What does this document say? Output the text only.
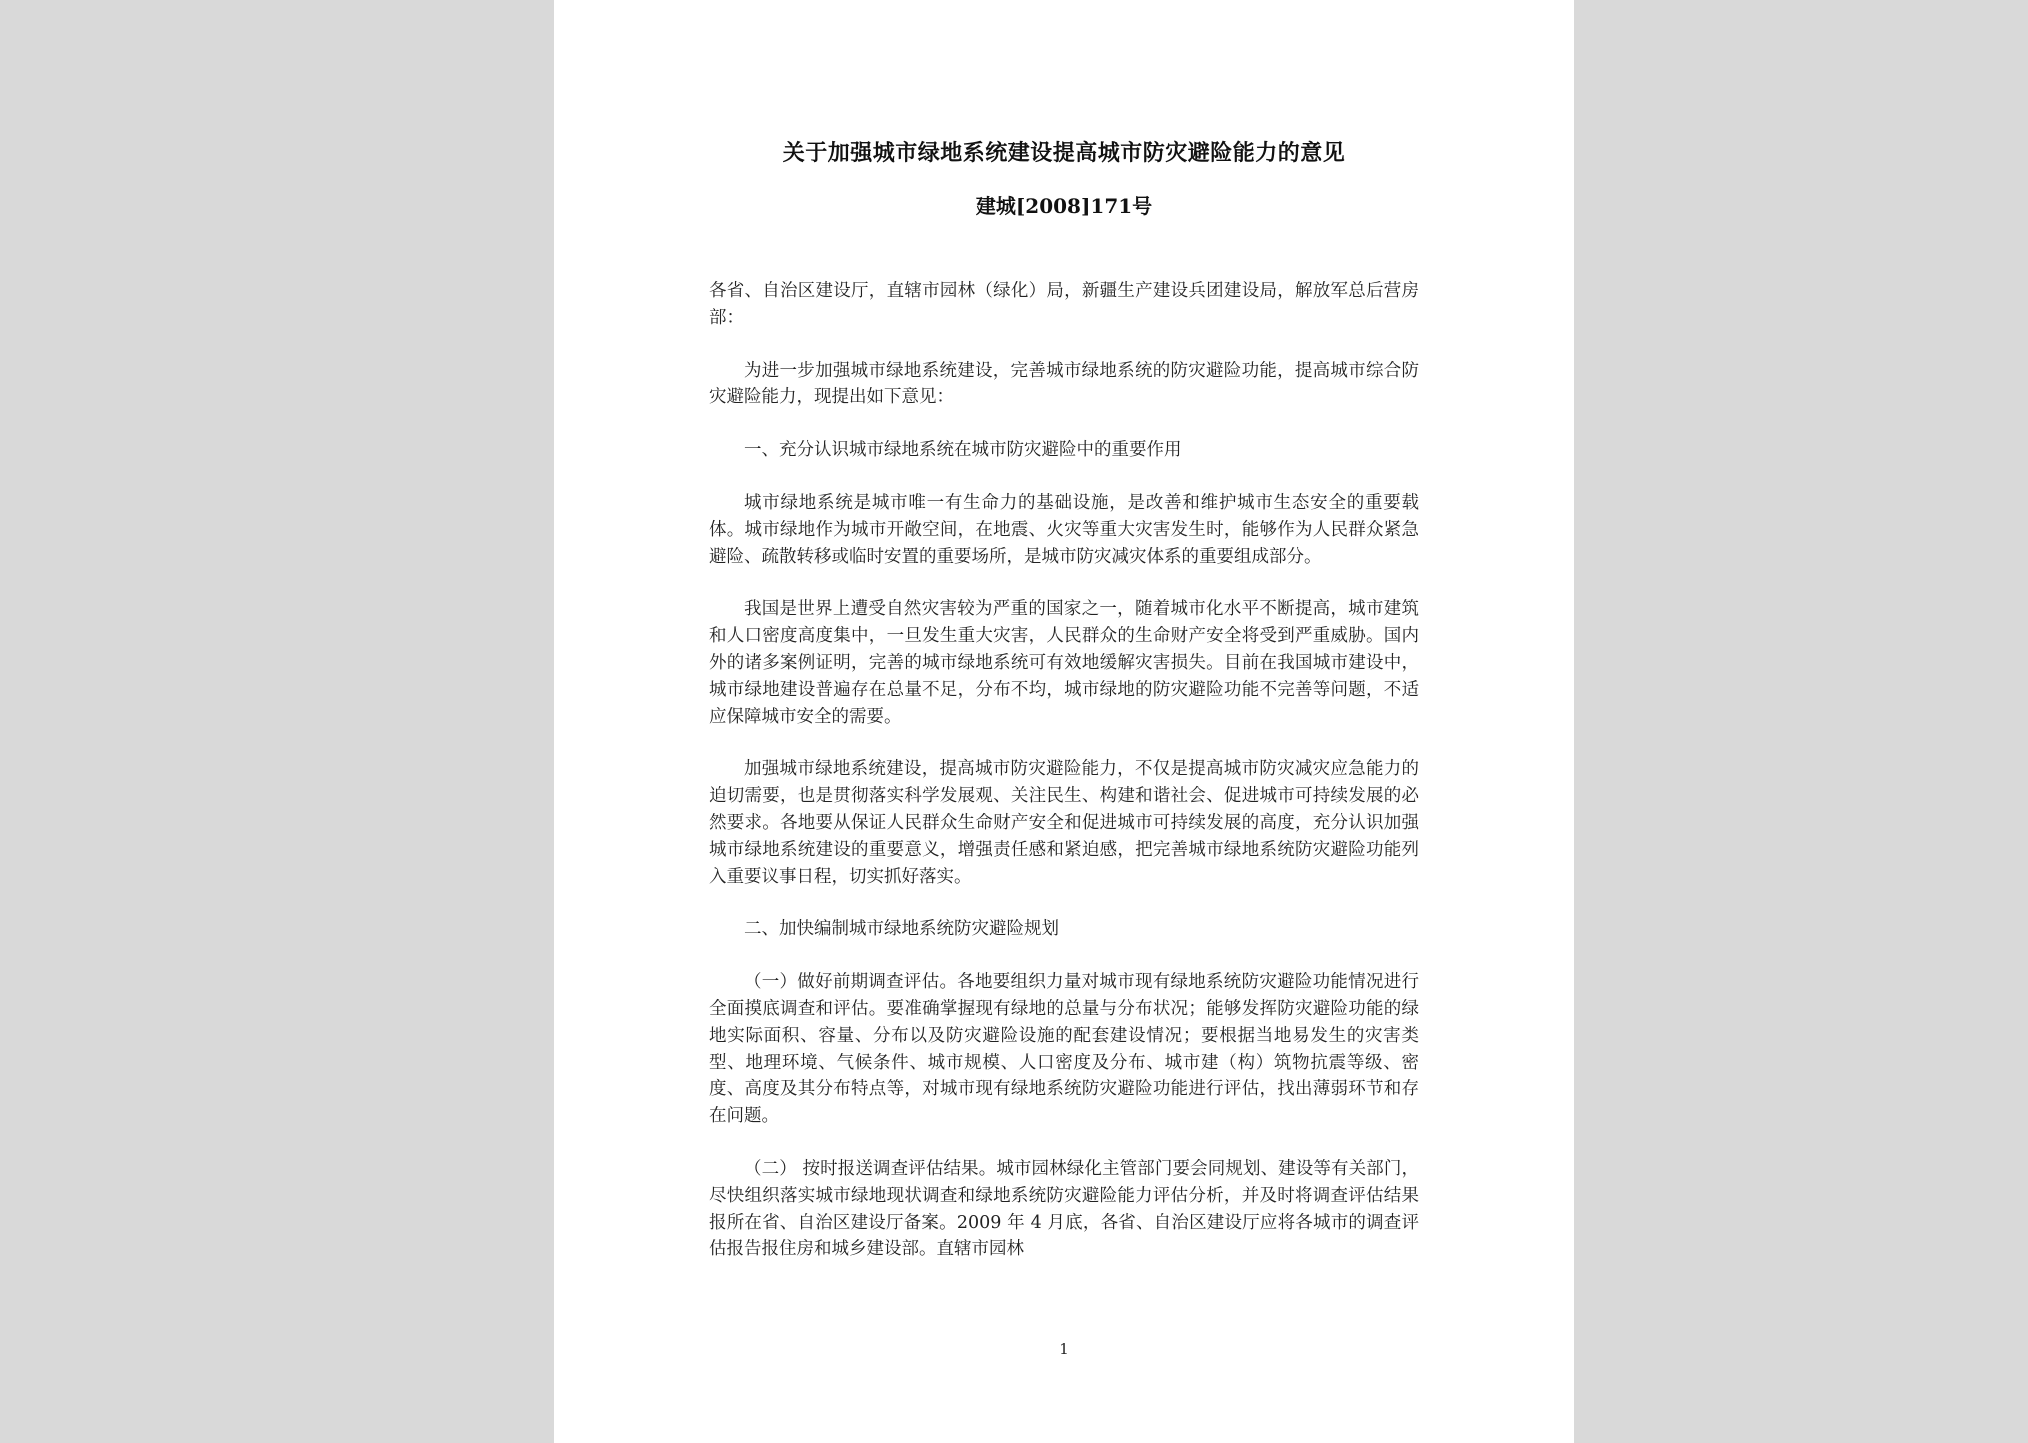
关于加强城市绿地系统建设提高城市防灾避险能力的意见
建城[2008]171号

各省、自治区建设厅，直辖市园林（绿化）局，新疆生产建设兵团建设局，解放军总后营房部：

为进一步加强城市绿地系统建设，完善城市绿地系统的防灾避险功能，提高城市综合防灾避险能力，现提出如下意见：

一、充分认识城市绿地系统在城市防灾避险中的重要作用

城市绿地系统是城市唯一有生命力的基础设施，是改善和维护城市生态安全的重要载体。城市绿地作为城市开敞空间，在地震、火灾等重大灾害发生时，能够作为人民群众紧急避险、疏散转移或临时安置的重要场所，是城市防灾减灾体系的重要组成部分。

我国是世界上遭受自然灾害较为严重的国家之一，随着城市化水平不断提高，城市建筑和人口密度高度集中，一旦发生重大灾害，人民群众的生命财产安全将受到严重威胁。国内外的诸多案例证明，完善的城市绿地系统可有效地缓解灾害损失。目前在我国城市建设中，城市绿地建设普遍存在总量不足，分布不均，城市绿地的防灾避险功能不完善等问题，不适应保障城市安全的需要。

加强城市绿地系统建设，提高城市防灾避险能力，不仅是提高城市防灾减灾应急能力的迫切需要，也是贯彻落实科学发展观、关注民生、构建和谐社会、促进城市可持续发展的必然要求。各地要从保证人民群众生命财产安全和促进城市可持续发展的高度，充分认识加强城市绿地系统建设的重要意义，增强责任感和紧迫感，把完善城市绿地系统防灾避险功能列入重要议事日程，切实抓好落实。

二、加快编制城市绿地系统防灾避险规划

（一）做好前期调查评估。各地要组织力量对城市现有绿地系统防灾避险功能情况进行全面摸底调查和评估。要准确掌握现有绿地的总量与分布状况；能够发挥防灾避险功能的绿地实际面积、容量、分布以及防灾避险设施的配套建设情况；要根据当地易发生的灾害类型、地理环境、气候条件、城市规模、人口密度及分布、城市建（构）筑物抗震等级、密度、高度及其分布特点等，对城市现有绿地系统防灾避险功能进行评估，找出薄弱环节和存在问题。

（二） 按时报送调查评估结果。城市园林绿化主管部门要会同规划、建设等有关部门，尽快组织落实城市绿地现状调查和绿地系统防灾避险能力评估分析，并及时将调查评估结果报所在省、自治区建设厅备案。2009 年 4 月底，各省、自治区建设厅应将各城市的调查评估报告报住房和城乡建设部。直辖市园林

1
